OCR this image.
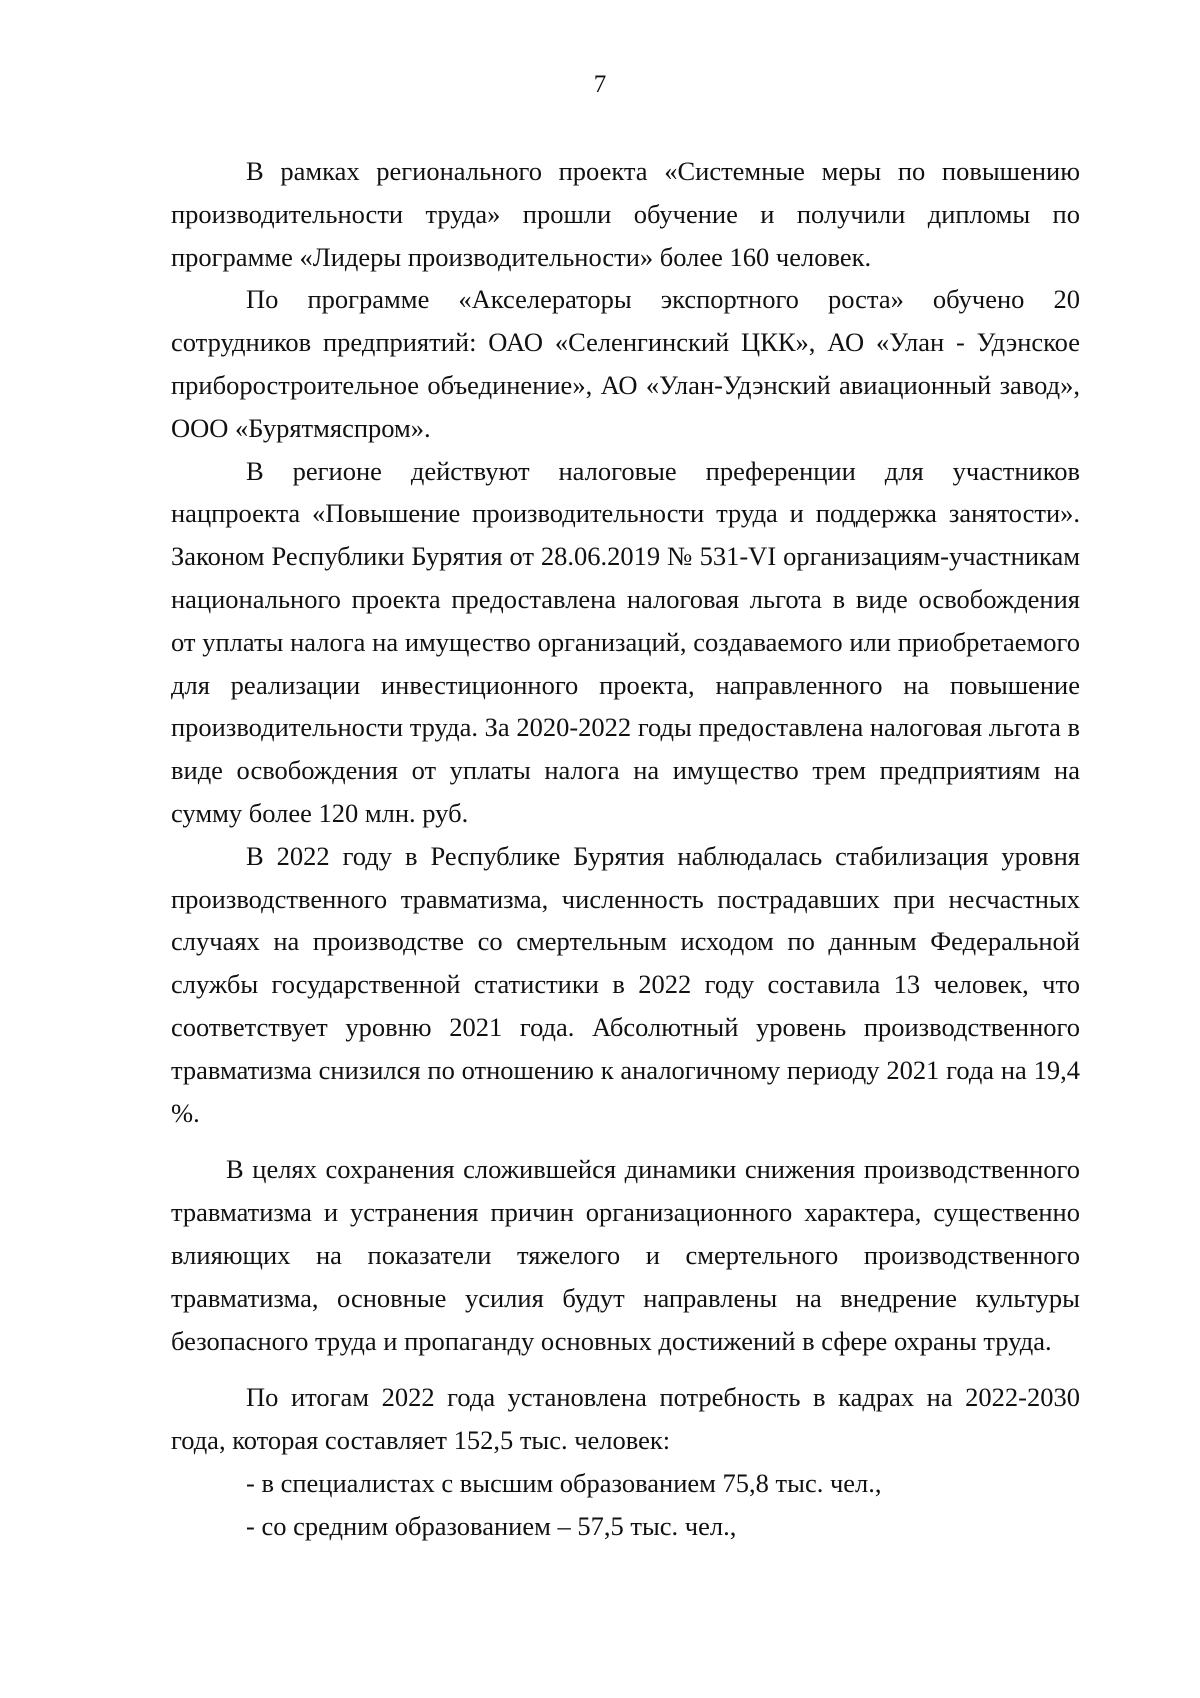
7

В рамках регионального проекта «Системные меры по повышению производительности труда» прошли обучение и получили дипломы по программе «Лидеры производительности» более 160 человек.

По программе «Акселераторы экспортного роста» обучено 20 сотрудников предприятий: ОАО «Селенгинский ЦКК», АО «Улан - Удэнское приборостроительное объединение», АО «Улан-Удэнский авиационный завод», ООО «Бурятмяспром».

В регионе действуют налоговые преференции для участников нацпроекта «Повышение производительности труда и поддержка занятости». Законом Республики Бурятия от 28.06.2019 № 531-VI организациям-участникам национального проекта предоставлена налоговая льгота в виде освобождения от уплаты налога на имущество организаций, создаваемого или приобретаемого для реализации инвестиционного проекта, направленного на повышение производительности труда. За 2020-2022 годы предоставлена налоговая льгота в виде освобождения от уплаты налога на имущество трем предприятиям на сумму более 120 млн. руб.

В 2022 году в Республике Бурятия наблюдалась стабилизация уровня производственного травматизма, численность пострадавших при несчастных случаях на производстве со смертельным исходом по данным Федеральной службы государственной статистики в 2022 году составила 13 человек, что соответствует уровню 2021 года. Абсолютный уровень производственного травматизма снизился по отношению к аналогичному периоду 2021 года на 19,4 %.

В целях сохранения сложившейся динамики снижения производственного травматизма и устранения причин организационного характера, существенно влияющих на показатели тяжелого и смертельного производственного травматизма, основные усилия будут направлены на внедрение культуры безопасного труда и пропаганду основных достижений в сфере охраны труда.

По итогам 2022 года установлена потребность в кадрах на 2022-2030 года, которая составляет 152,5 тыс. человек:

- в специалистах с высшим образованием 75,8 тыс. чел.,

- со средним образованием – 57,5 тыс. чел.,
